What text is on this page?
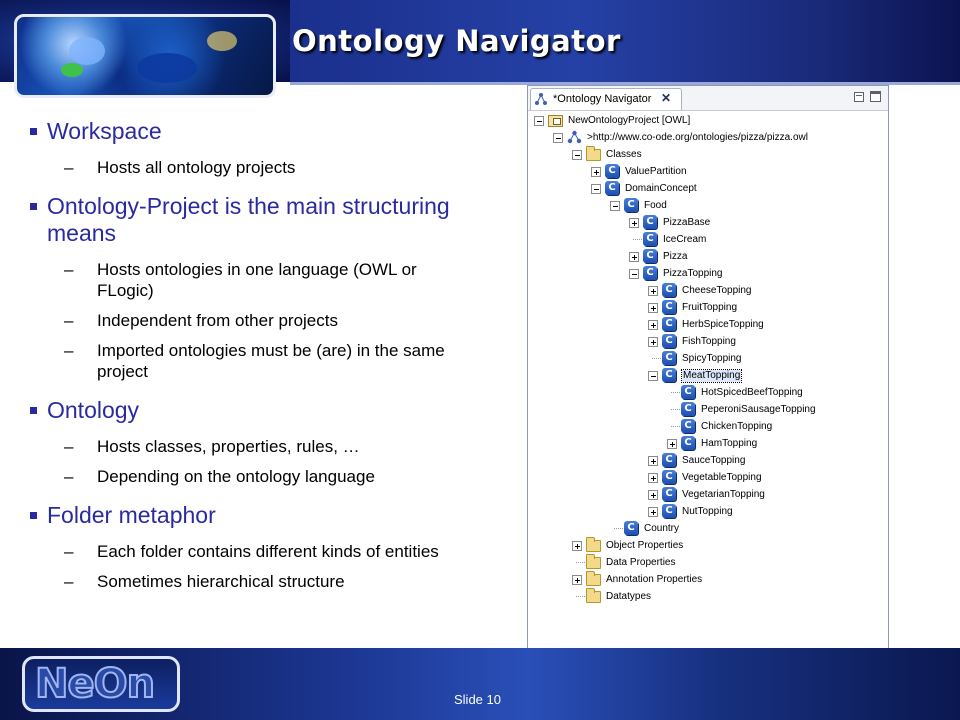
Ontology Navigator
Workspace
– Hosts all ontology projects
Ontology-Project is the main structuring means
– Hosts ontologies in one language (OWL or FLogic)
– Independent from other projects
– Imported ontologies must be (are) in the same project
Ontology
– Hosts classes, properties, rules, …
– Depending on the ontology language
Folder metaphor
– Each folder contains different kinds of entities
– Sometimes hierarchical structure
*Ontology Navigator ✕
NewOntologyProject [OWL]
>http://www.co-ode.org/ontologies/pizza/pizza.owl
Classes
C ValuePartition
C DomainConcept
C Food
C PizzaBase
C IceCream
C Pizza
C PizzaTopping
C CheeseTopping
C FruitTopping
C HerbSpiceTopping
C FishTopping
C SpicyTopping
C	MeatTopping
C HotSpicedBeefTopping
C PeperoniSausageTopping
C ChickenTopping
C HamTopping
C SauceTopping
C VegetableTopping
C VegetarianTopping
C NutTopping
C Country
Object Properties
Data Properties
Annotation Properties
Datatypes
NeOn	Slide 10
